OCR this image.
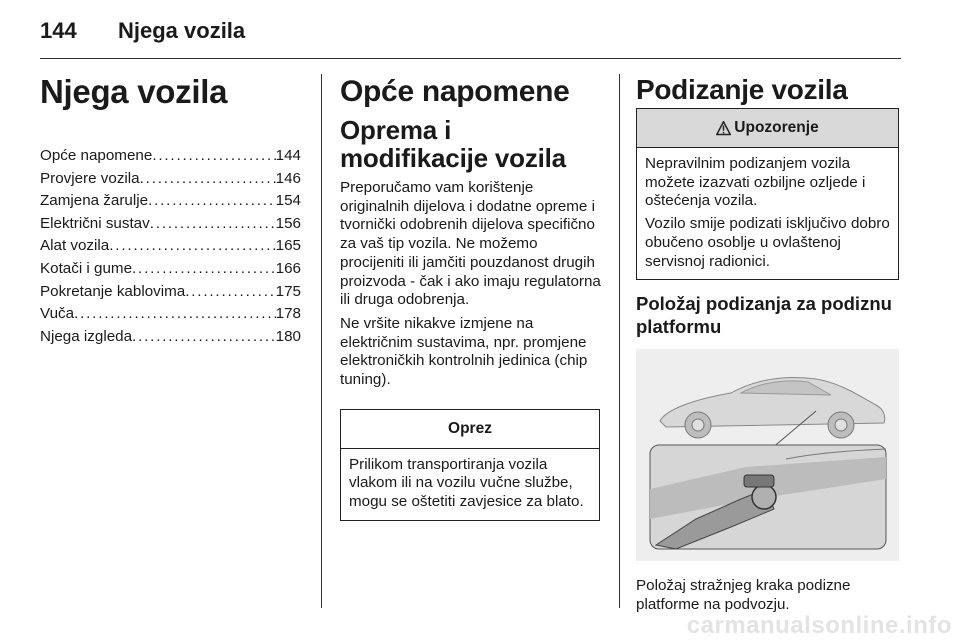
144 Njega vozila
Njega vozila
Opće napomene . . .	144
Provjere vozila . . .	146
Zamjena žarulje . . .	154
Električni sustav . . .	156
Alat vozila . . .	165
Kotači i gume . . .	166
Pokretanje kablovima . . .	175
Vuča . . .	178
Njega izgleda . . .	180
Opće napomene
Oprema i modifikacije vozila

Preporučamo vam korištenje originalnih dijelova i dodatne opreme i tvornički odobrenih dijelova specifično za vaš tip vozila. Ne možemo procijeniti ili jamčiti pouzdanost drugih proizvoda - čak i ako imaju regulatorna ili druga odobrenja.

Ne vršite nikakve izmjene na električnim sustavima, npr. promjene elektroničkih kontrolnih jedinica (chip tuning).

Oprez

Prilikom transportiranja vozila vlakom ili na vozilu vučne službe, mogu se oštetiti zavjesice za blato.

Podizanje vozila
Upozorenje

Nepravilnim podizanjem vozila možete izazvati ozbiljne ozljede i oštećenja vozila.

Vozilo smije podizati isključivo dobro obučeno osoblje u ovlaštenoj servisnoj radionici.

Položaj podizanja za podiznu platformu

Položaj stražnjeg kraka podizne platforme na podvozju.

carmanualsonline.info
